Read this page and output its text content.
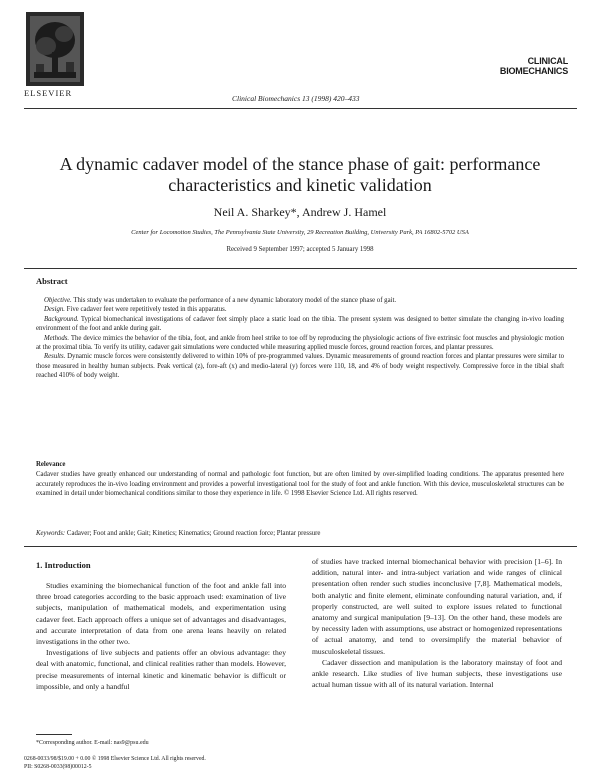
ELSEVIER
Clinical Biomechanics 13 (1998) 420–433
CLINICAL
BIOMECHANICS
A dynamic cadaver model of the stance phase of gait: performance characteristics and kinetic validation
Neil A. Sharkey*, Andrew J. Hamel
Center for Locomotion Studies, The Pennsylvania State University, 29 Recreation Building, University Park, PA 16802-5702 USA
Received 9 September 1997; accepted 5 January 1998
Abstract

Objective. This study was undertaken to evaluate the performance of a new dynamic laboratory model of the stance phase of gait.

Design. Five cadaver feet were repetitively tested in this apparatus.

Background. Typical biomechanical investigations of cadaver feet simply place a static load on the tibia. The present system was designed to better simulate the changing in-vivo loading environment of the foot and ankle during gait.

Methods. The device mimics the behavior of the tibia, foot, and ankle from heel strike to toe off by reproducing the physiologic actions of five extrinsic foot muscles and physiologic motion at the proximal tibia. To verify its utility, cadaver gait simulations were conducted while measuring applied muscle forces, ground reaction forces, and plantar pressures.

Results. Dynamic muscle forces were consistently delivered to within 10% of pre-programmed values. Dynamic measurements of ground reaction forces and plantar pressures were similar to those measured in healthy human subjects. Peak vertical (z), fore-aft (x) and medio-lateral (y) forces were 110, 18, and 4% of body weight respectively. Compressive force in the tibial shaft reached 410% of body weight.

Relevance
Cadaver studies have greatly enhanced our understanding of normal and pathologic foot function, but are often limited by over-simplified loading conditions. The apparatus presented here accurately reproduces the in-vivo loading environment and provides a powerful investigational tool for the study of foot and ankle function. With this device, musculoskeletal structures can be examined in detail under biomechanical conditions similar to those they experience in life. © 1998 Elsevier Science Ltd. All rights reserved.
Keywords: Cadaver; Foot and ankle; Gait; Kinetics; Kinematics; Ground reaction force; Plantar pressure
1. Introduction

Studies examining the biomechanical function of the foot and ankle fall into three broad categories according to the basic approach used: examination of live subjects, manipulation of mathematical models, and experimentation using cadaver feet. Each approach offers a unique set of advantages and disadvantages, and accurate interpretation of data from one arena leans heavily on related investigations in the other two.

Investigations of live subjects and patients offer an obvious advantage: they deal with anatomic, functional, and clinical realities rather than models. However, precise measurements of internal kinetic and kinematic behavior is difficult or impossible, and only a handful

of studies have tracked internal biomechanical behavior with precision [1–6]. In addition, natural inter- and intra-subject variation and wide ranges of clinical presentation often render such studies inconclusive [7,8]. Mathematical models, both analytic and finite element, eliminate confounding natural variation, and, if properly constructed, are well suited to explore issues related to functional anatomy and surgical manipulation [9–13]. On the other hand, these models are by necessity laden with assumptions, use abstract or homogenized representations of actual anatomy, and tend to oversimplify the material behavior of musculoskeletal tissues.

Cadaver dissection and manipulation is the laboratory mainstay of foot and ankle research. Like studies of live human subjects, these investigations use actual human tissue with all of its natural variation. Internal

*Corresponding author. E-mail: nas9@psu.edu
0268-0033/98/$19.00 + 0.00 © 1998 Elsevier Science Ltd. All rights reserved.
PII: S0268-0033(98)00012-5
